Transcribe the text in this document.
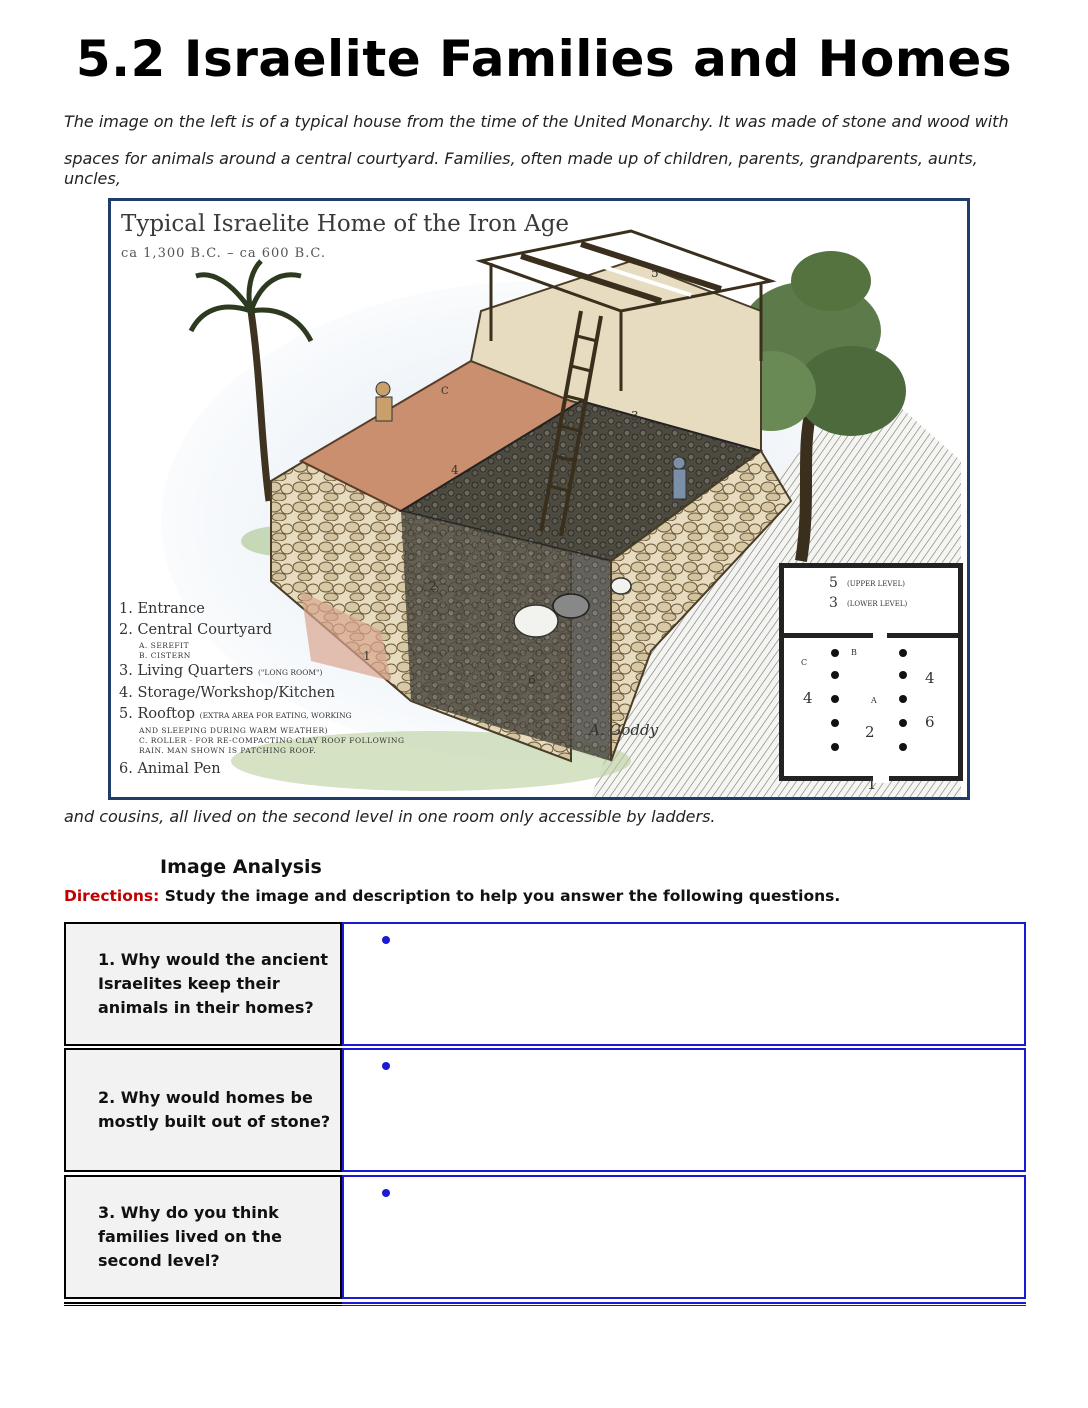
5.2 Israelite Families and Homes

The image on the left is of a typical house from the time of the United Monarchy. It was made of stone and wood with

spaces for animals around a central courtyard. Families, often made up of children, parents, grandparents, aunts, uncles,

Typical Israelite Home of the Iron Age
ca 1,300 B.C. – ca 600 B.C.
5
3
4
2
1
6
C
1. Entrance
2. Central Courtyard
A. SEREFIT
B. CISTERN
3. Living Quarters ("LONG ROOM")
4. Storage/Workshop/Kitchen
5. Rooftop (EXTRA AREA FOR EATING, WORKING
AND SLEEPING DURING WARM WEATHER)
C. ROLLER - FOR RE-COMPACTING CLAY ROOF FOLLOWING
RAIN. MAN SHOWN IS PATCHING ROOF.
6. Animal Pen
A. Goddy
5 (UPPER LEVEL)
3 (LOWER LEVEL)
C
B
A
4
4
6
2
1

and cousins, all lived on the second level in one room only accessible by ladders.

Image Analysis

Directions: Study the image and description to help you answer the following questions.

1. Why would the ancient Israelites keep their animals in their homes?
2. Why would homes be mostly built out of stone?
3. Why do you think families lived on the second level?
